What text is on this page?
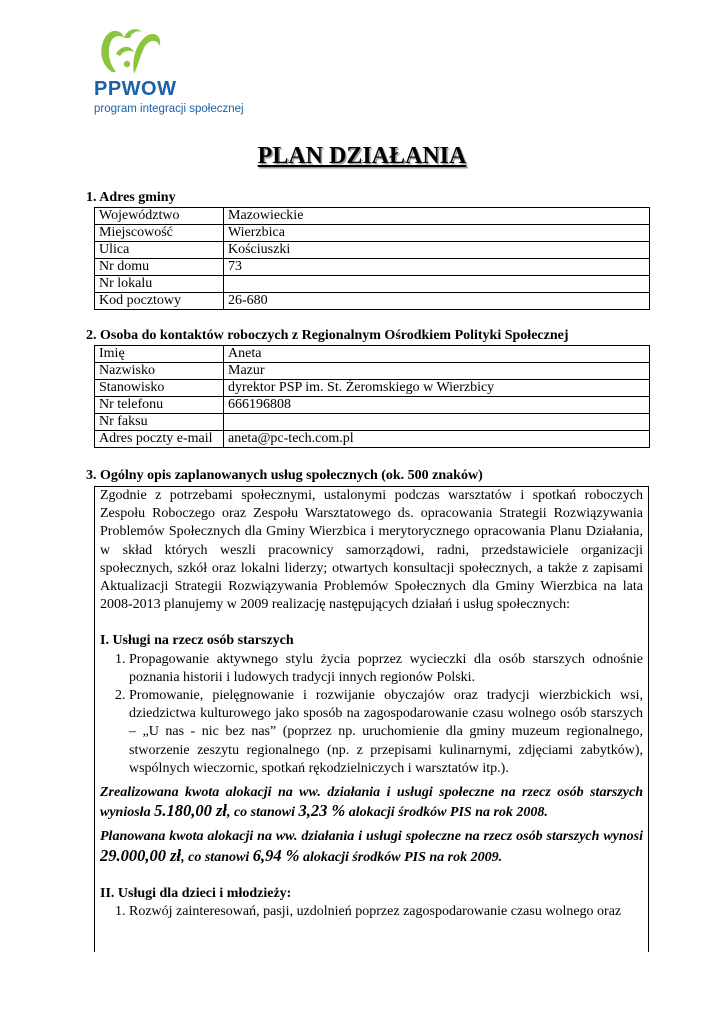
PPWOW
program integracji społecznej
PLAN DZIAŁANIA
1. Adres gminy
Województwo	Mazowieckie
Miejscowość	Wierzbica
Ulica	Kościuszki
Nr domu	73
Nr lokalu	
Kod pocztowy	26-680
2. Osoba do kontaktów roboczych z Regionalnym Ośrodkiem Polityki Społecznej
Imię	Aneta
Nazwisko	Mazur
Stanowisko	dyrektor PSP im. St. Żeromskiego w Wierzbicy
Nr telefonu	666196808
Nr faksu	
Adres poczty e-mail	aneta@pc-tech.com.pl
3. Ogólny opis zaplanowanych usług społecznych (ok. 500 znaków)

Zgodnie z potrzebami społecznymi, ustalonymi podczas warsztatów i spotkań roboczych Zespołu Roboczego oraz Zespołu Warsztatowego ds. opracowania Strategii Rozwiązywania Problemów Społecznych dla Gminy Wierzbica i merytorycznego opracowania Planu Działania, w skład których weszli pracownicy samorządowi, radni, przedstawiciele organizacji społecznych, szkół oraz lokalni liderzy; otwartych konsultacji społecznych, a także z zapisami Aktualizacji Strategii Rozwiązywania Problemów Społecznych dla Gminy Wierzbica na lata 2008-2013 planujemy w 2009 realizację następujących działań i usług społecznych:

I. Usługi na rzecz osób starszych

1. Propagowanie aktywnego stylu życia poprzez wycieczki dla osób starszych odnośnie poznania historii i ludowych tradycji innych regionów Polski.
2. Promowanie, pielęgnowanie i rozwijanie obyczajów oraz tradycji wierzbickich wsi, dziedzictwa kulturowego jako sposób na zagospodarowanie czasu wolnego osób starszych – „U nas - nic bez nas” (poprzez np. uruchomienie dla gminy muzeum regionalnego, stworzenie zeszytu regionalnego (np. z przepisami kulinarnymi, zdjęciami zabytków), wspólnych wieczornic, spotkań rękodzielniczych i warsztatów itp.).

Zrealizowana kwota alokacji na ww. działania i usługi społeczne na rzecz osób starszych wyniosła 5.180,00 zł, co stanowi 3,23 % alokacji środków PIS na rok 2008.

Planowana kwota alokacji na ww. działania i usługi społeczne na rzecz osób starszych wynosi 29.000,00 zł, co stanowi 6,94 % alokacji środków PIS na rok 2009.

II. Usługi dla dzieci i młodzieży:

1. Rozwój zainteresowań, pasji, uzdolnień poprzez zagospodarowanie czasu wolnego oraz
